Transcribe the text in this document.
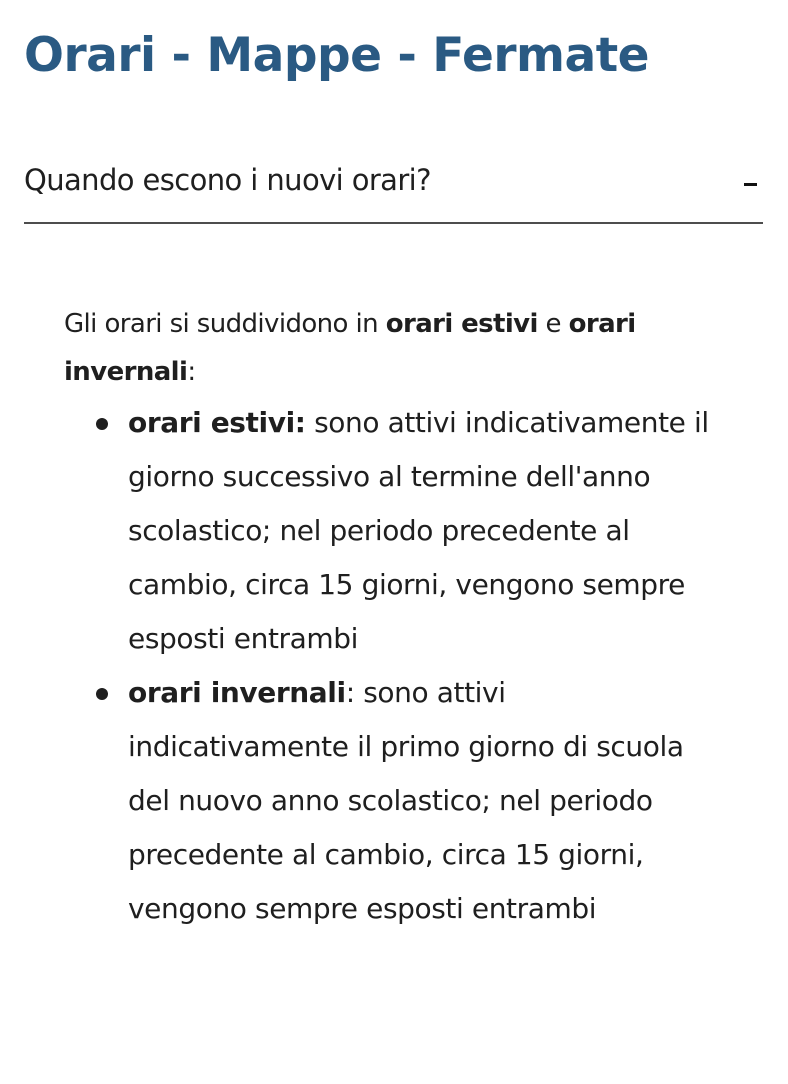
Orari - Mappe - Fermate
Quando escono i nuovi orari?

Gli orari si suddividono in orari estivi e orari invernali:

orari estivi: sono attivi indicativamente il giorno successivo al termine dell'anno scolastico; nel periodo precedente al cambio, circa 15 giorni, vengono sempre esposti entrambi
orari invernali: sono attivi indicativamente il primo giorno di scuola del nuovo anno scolastico; nel periodo precedente al cambio, circa 15 giorni, vengono sempre esposti entrambi
